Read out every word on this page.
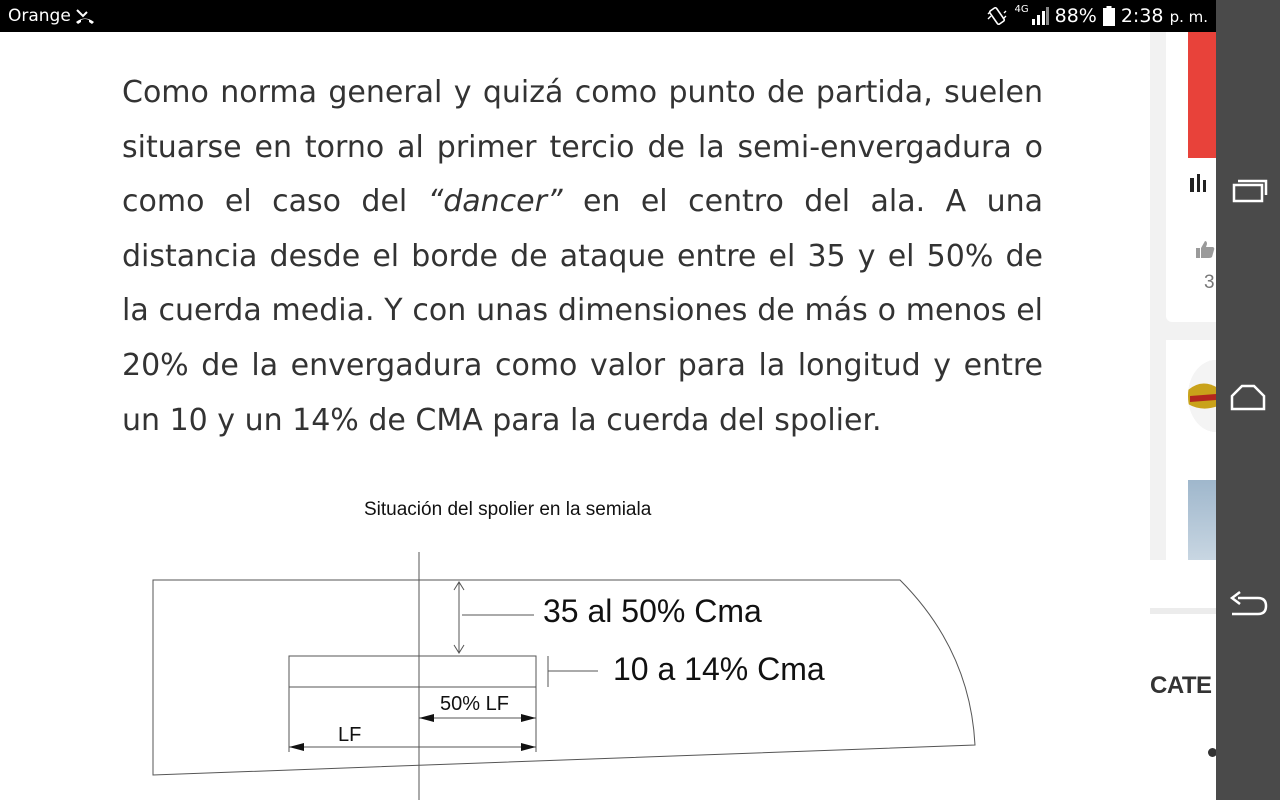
Orange	4G 88% 2:38 p. m.

Como norma general y quizá como punto de partida, suelen situarse en torno al primer tercio de la semi-envergadura o como el caso del “dancer” en el centro del ala. A una distancia desde el borde de ataque entre el 35 y el 50% de la cuerda media. Y con unas dimensiones de más o menos el 20% de la envergadura como valor para la longitud y entre un 10 y un 14% de CMA para la cuerda del spolier.

Situación del spolier en la semiala
35 al 50% Cma
10 a 14% Cma
50% LF
LF
3
CATE
